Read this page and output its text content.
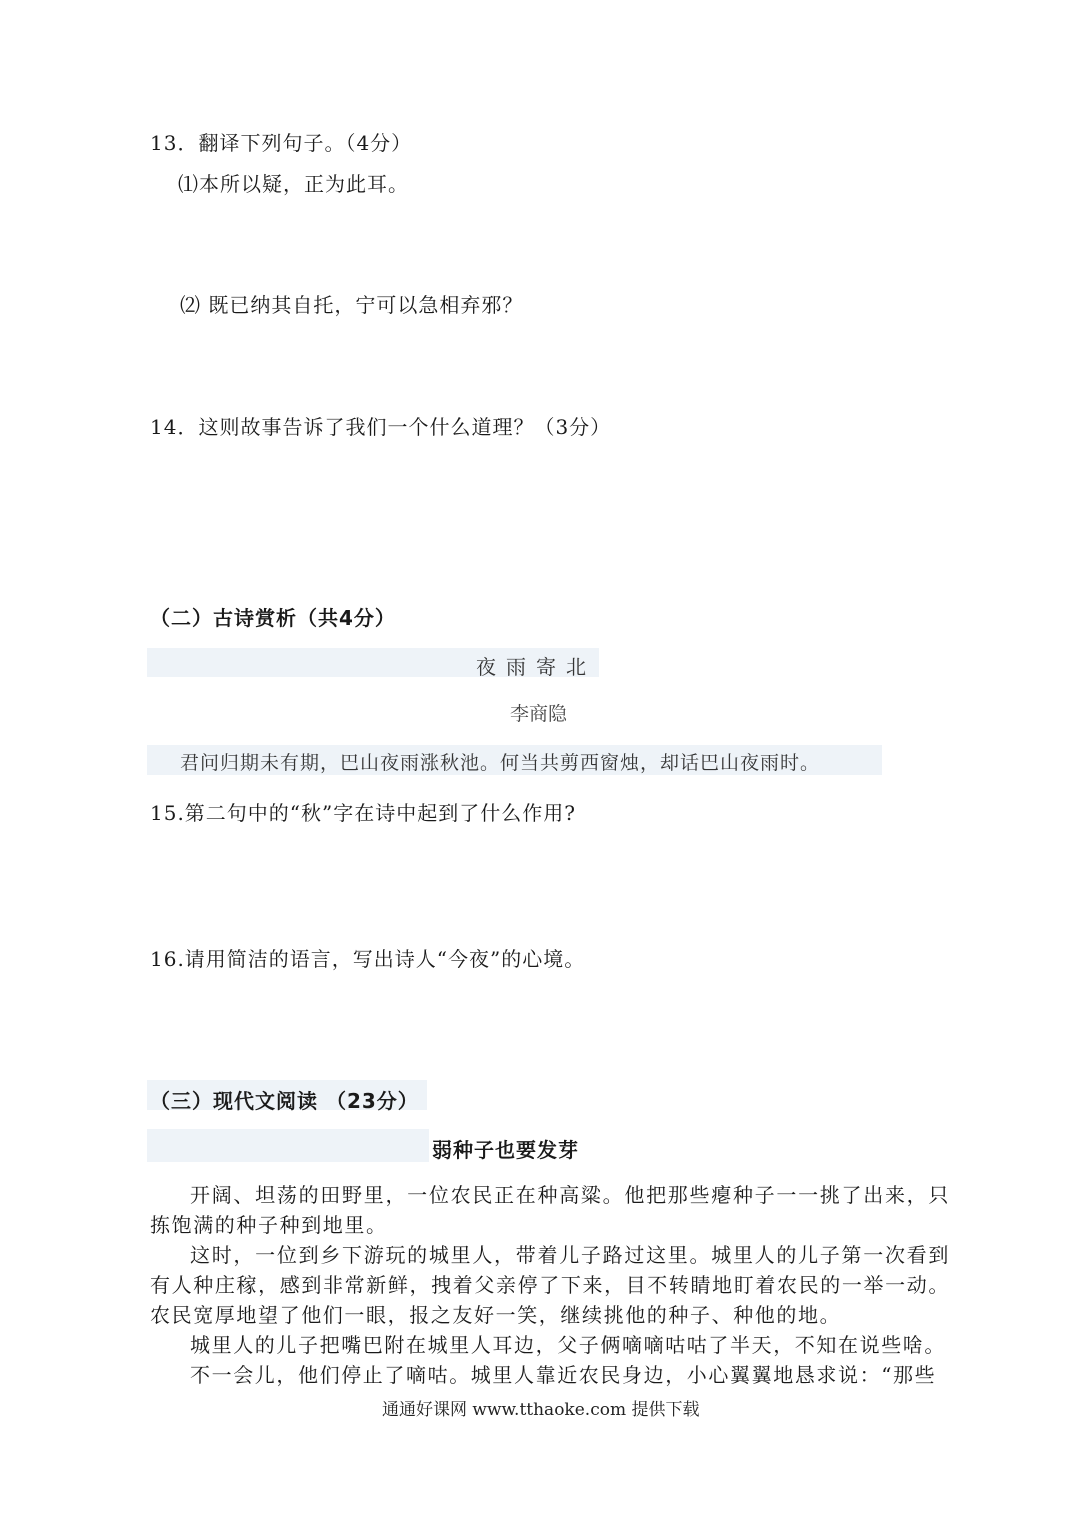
13．翻译下列句子。（4分）
⑴本所以疑，正为此耳。
⑵ 既已纳其自托，宁可以急相弃邪？
14．这则故事告诉了我们一个什么道理？（3分）
（二）古诗赏析（共4分）
夜雨寄北
李商隐
君问归期未有期，巴山夜雨涨秋池。何当共剪西窗烛，却话巴山夜雨时。
15.第二句中的“秋”字在诗中起到了什么作用?
16.请用简洁的语言，写出诗人“今夜”的心境。
（三）现代文阅读 （23分）
弱种子也要发芽
开阔、坦荡的田野里，一位农民正在种高粱。他把那些瘪种子一一挑了出来，只拣饱满的种子种到地里。
这时，一位到乡下游玩的城里人，带着儿子路过这里。城里人的儿子第一次看到有人种庄稼，感到非常新鲜，拽着父亲停了下来，目不转睛地盯着农民的一举一动。农民宽厚地望了他们一眼，报之友好一笑，继续挑他的种子、种他的地。
城里人的儿子把嘴巴附在城里人耳边，父子俩嘀嘀咕咕了半天，不知在说些啥。
不一会儿，他们停止了嘀咕。城里人靠近农民身边，小心翼翼地恳求说：“那些
通通好课网 www.tthaoke.com 提供下载
